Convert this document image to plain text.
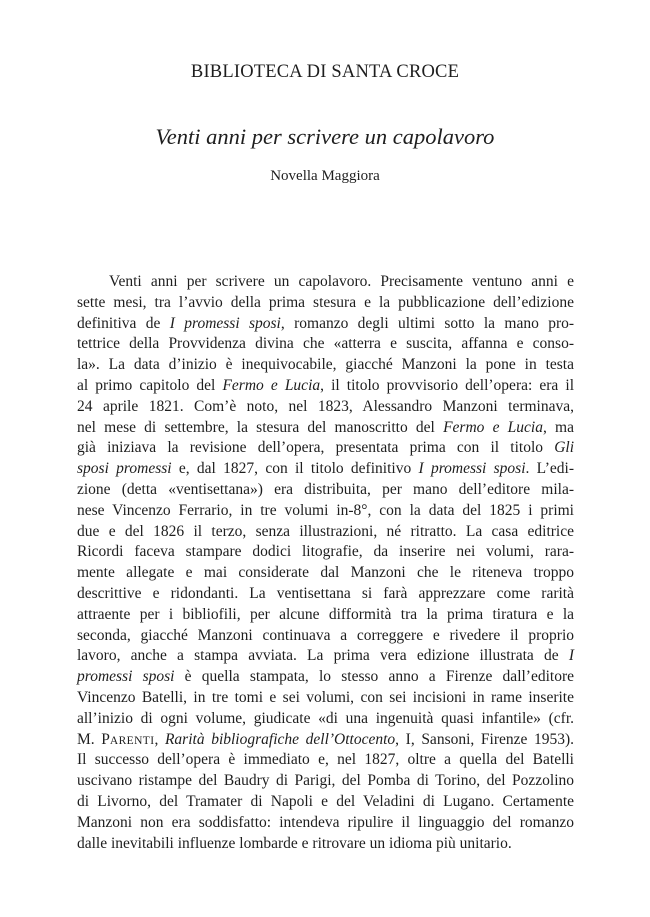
BIBLIOTECA DI SANTA CROCE
Venti anni per scrivere un capolavoro
Novella Maggiora
Venti anni per scrivere un capolavoro. Precisamente ventuno anni e
sette mesi, tra l’avvio della prima stesura e la pubblicazione dell’edizione
definitiva de I promessi sposi, romanzo degli ultimi sotto la mano pro-
tettrice della Provvidenza divina che «atterra e suscita, affanna e conso-
la». La data d’inizio è inequivocabile, giacché Manzoni la pone in testa
al primo capitolo del Fermo e Lucia, il titolo provvisorio dell’opera: era il
24 aprile 1821. Com’è noto, nel 1823, Alessandro Manzoni terminava,
nel mese di settembre, la stesura del manoscritto del Fermo e Lucia, ma
già iniziava la revisione dell’opera, presentata prima con il titolo Gli
sposi promessi e, dal 1827, con il titolo definitivo I promessi sposi. L’edi-
zione (detta «ventisettana») era distribuita, per mano dell’editore mila-
nese Vincenzo Ferrario, in tre volumi in-8°, con la data del 1825 i primi
due e del 1826 il terzo, senza illustrazioni, né ritratto. La casa editrice
Ricordi faceva stampare dodici litografie, da inserire nei volumi, rara-
mente allegate e mai considerate dal Manzoni che le riteneva troppo
descrittive e ridondanti. La ventisettana si farà apprezzare come rarità
attraente per i bibliofili, per alcune difformità tra la prima tiratura e la
seconda, giacché Manzoni continuava a correggere e rivedere il proprio
lavoro, anche a stampa avviata. La prima vera edizione illustrata de I
promessi sposi è quella stampata, lo stesso anno a Firenze dall’editore
Vincenzo Batelli, in tre tomi e sei volumi, con sei incisioni in rame inserite
all’inizio di ogni volume, giudicate «di una ingenuità quasi infantile» (cfr.
M. PARENTI, Rarità bibliografiche dell’Ottocento, I, Sansoni, Firenze 1953).
Il successo dell’opera è immediato e, nel 1827, oltre a quella del Batelli
uscivano ristampe del Baudry di Parigi, del Pomba di Torino, del Pozzolino
di Livorno, del Tramater di Napoli e del Veladini di Lugano. Certamente
Manzoni non era soddisfatto: intendeva ripulire il linguaggio del romanzo
dalle inevitabili influenze lombarde e ritrovare un idioma più unitario.
